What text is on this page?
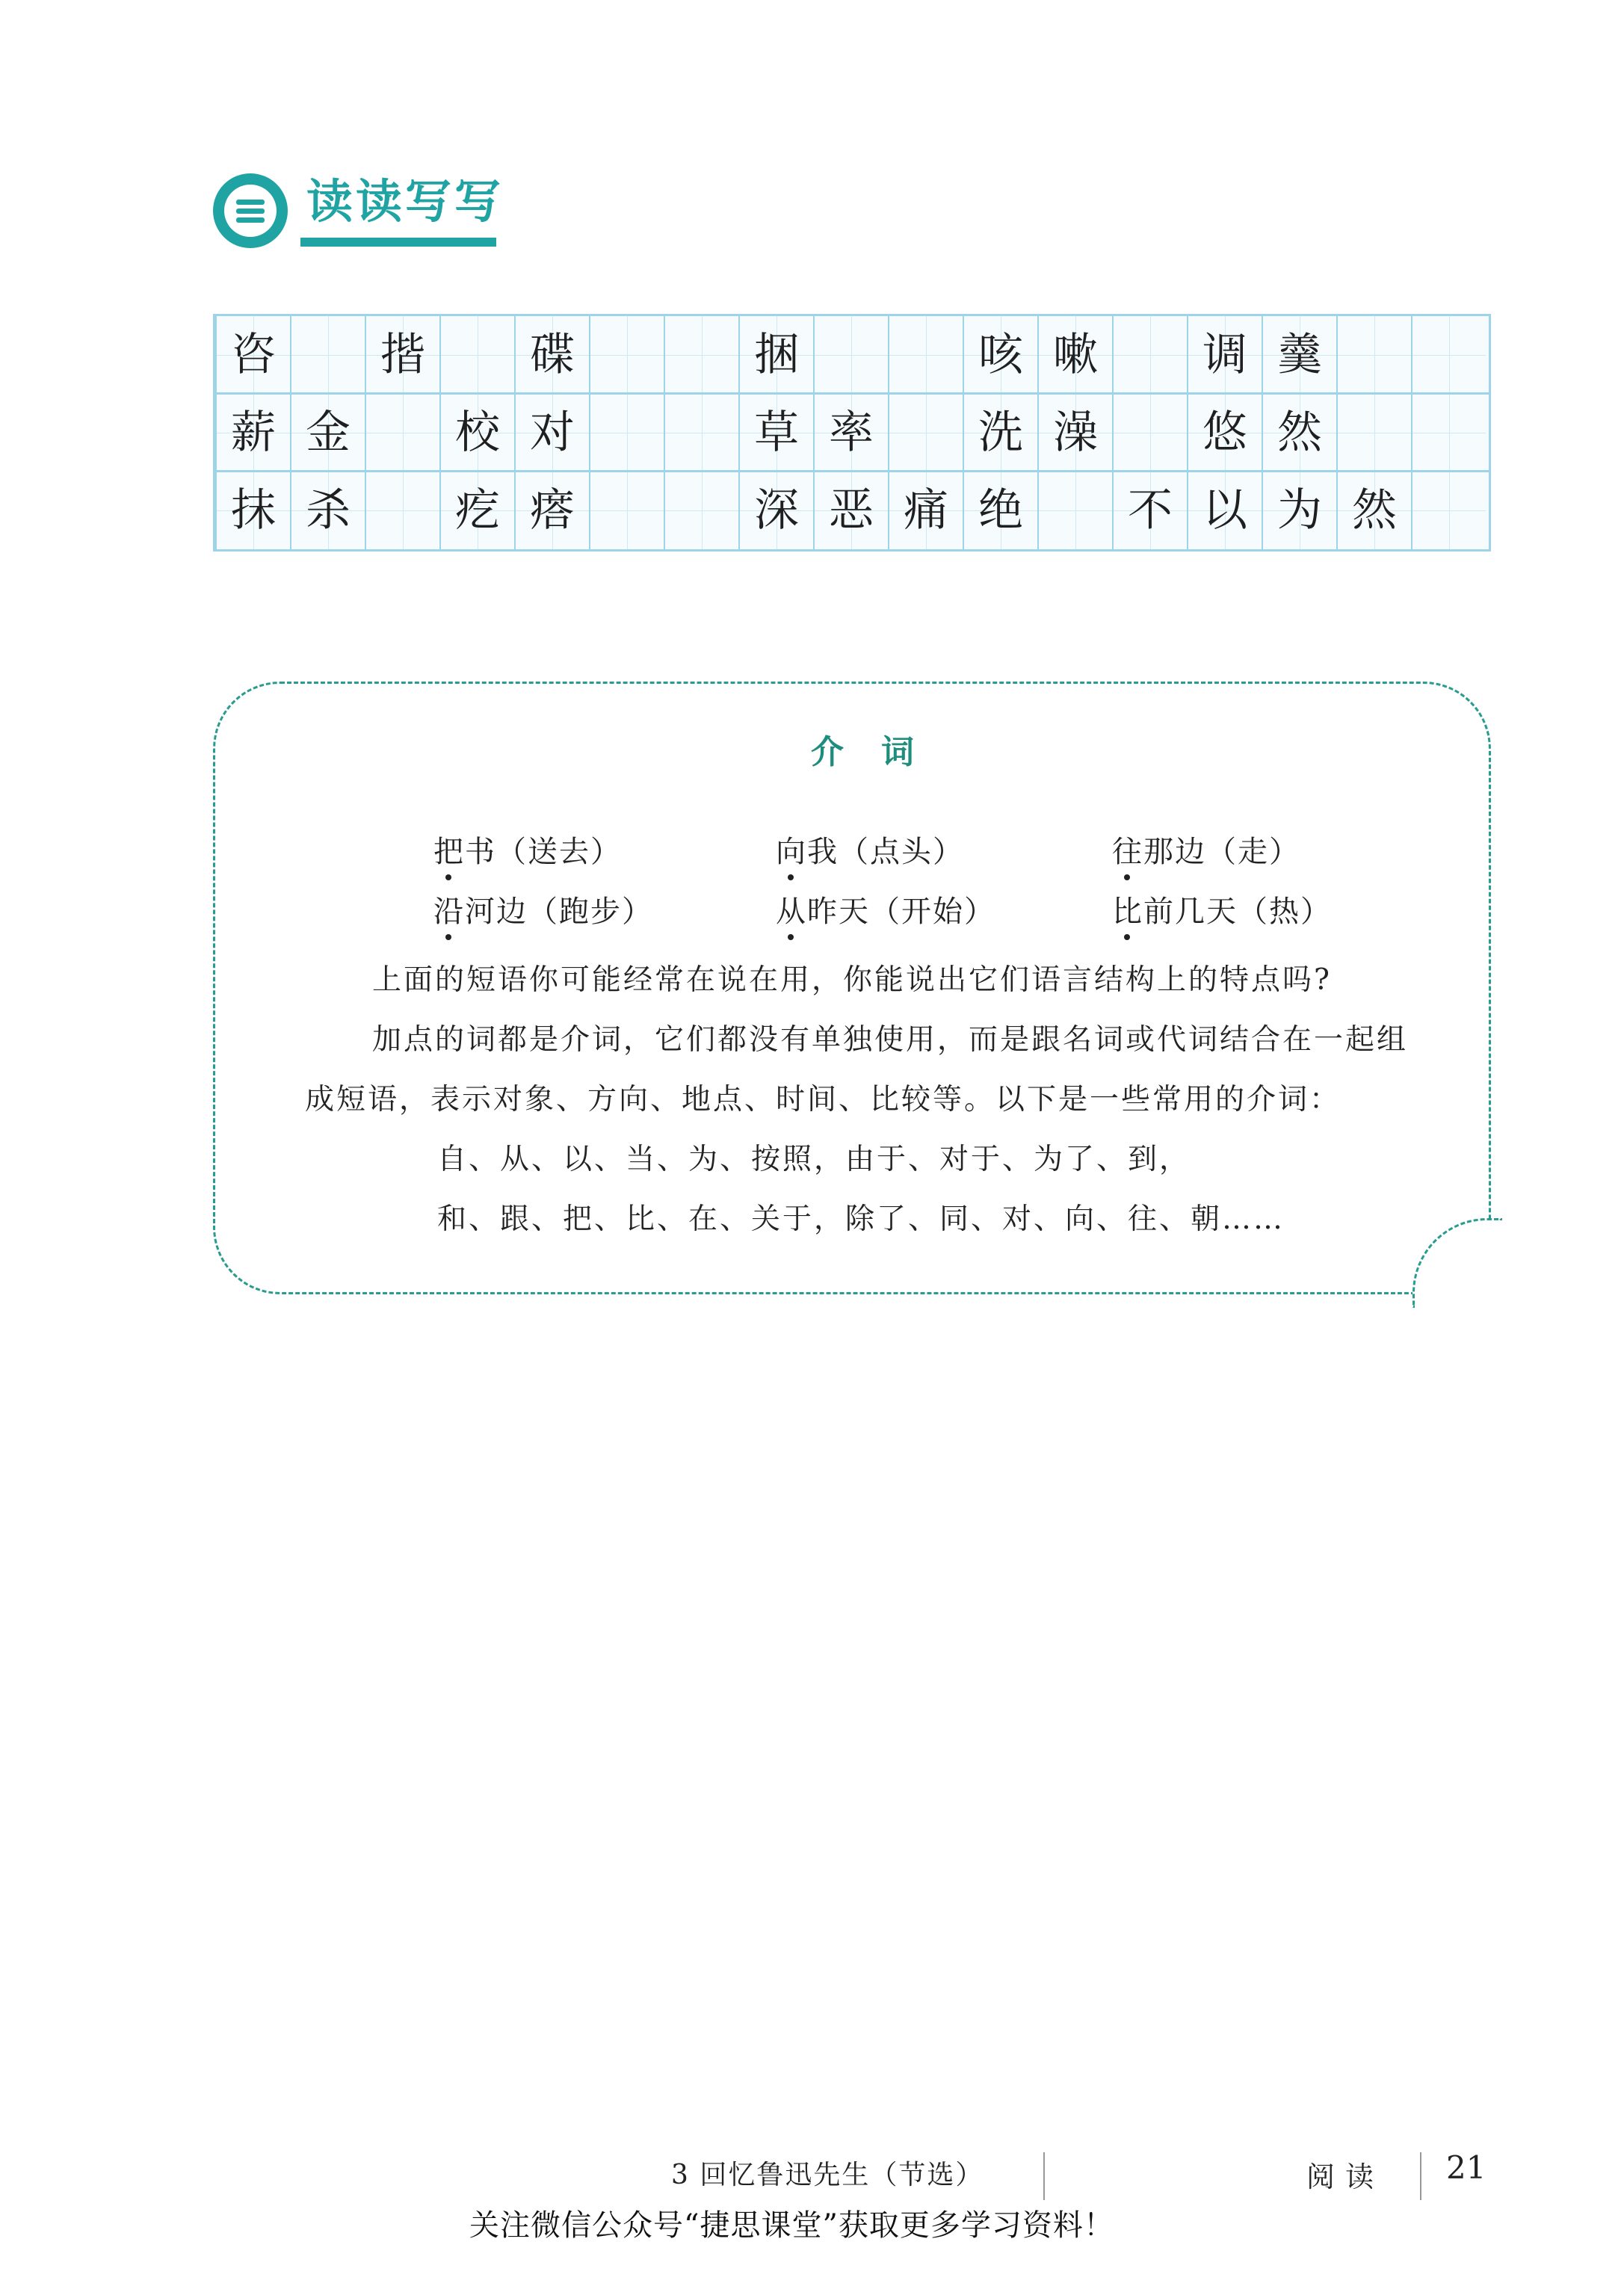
读读写写
咨	揩	碟	捆	咳 嗽	调 羹
薪 金	校 对	草 率	洗 澡	悠 然
抹 杀	疙 瘩	深 恶 痛 绝	不 以 为 然
介词
把书（送去）	向我（点头）	往那边（走）
沿河边（跑步）	从昨天（开始）	比前几天（热）
上面的短语你可能经常在说在用，你能说出它们语言结构上的特点吗?
加点的词都是介词，它们都没有单独使用，而是跟名词或代词结合在一起组
成短语，表示对象、方向、地点、时间、比较等。以下是一些常用的介词：
自、从、以、当、为、按照，由于、对于、为了、到，
和、跟、把、比、在、关于，除了、同、对、向、往、朝……
3 回忆鲁迅先生（节选）	阅读 21
关注微信公众号“捷思课堂”获取更多学习资料！
